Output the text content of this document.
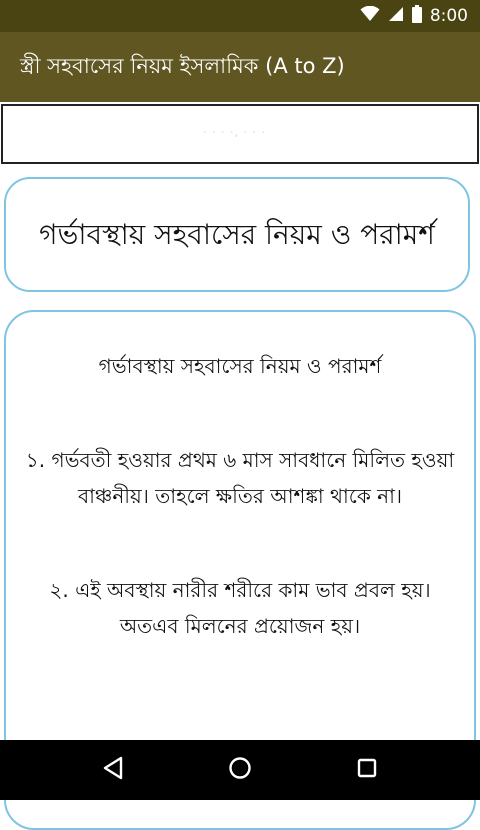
8:00
স্ত্রী সহবাসের নিয়ম ইসলামিক (A to Z)
· · · ·, · · ·
গর্ভাবস্থায় সহবাসের নিয়ম ও পরামর্শ
গর্ভাবস্থায় সহবাসের নিয়ম ও পরামর্শ
১. গর্ভবতী হওয়ার প্রথম ৬ মাস সাবধানে মিলিত হওয়া বাঞ্চনীয়। তাহলে ক্ষতির আশঙ্কা থাকে না।
২. এই অবস্থায় নারীর শরীরে কাম ভাব প্রবল হয়। অতএব মিলনের প্রয়োজন হয়।
